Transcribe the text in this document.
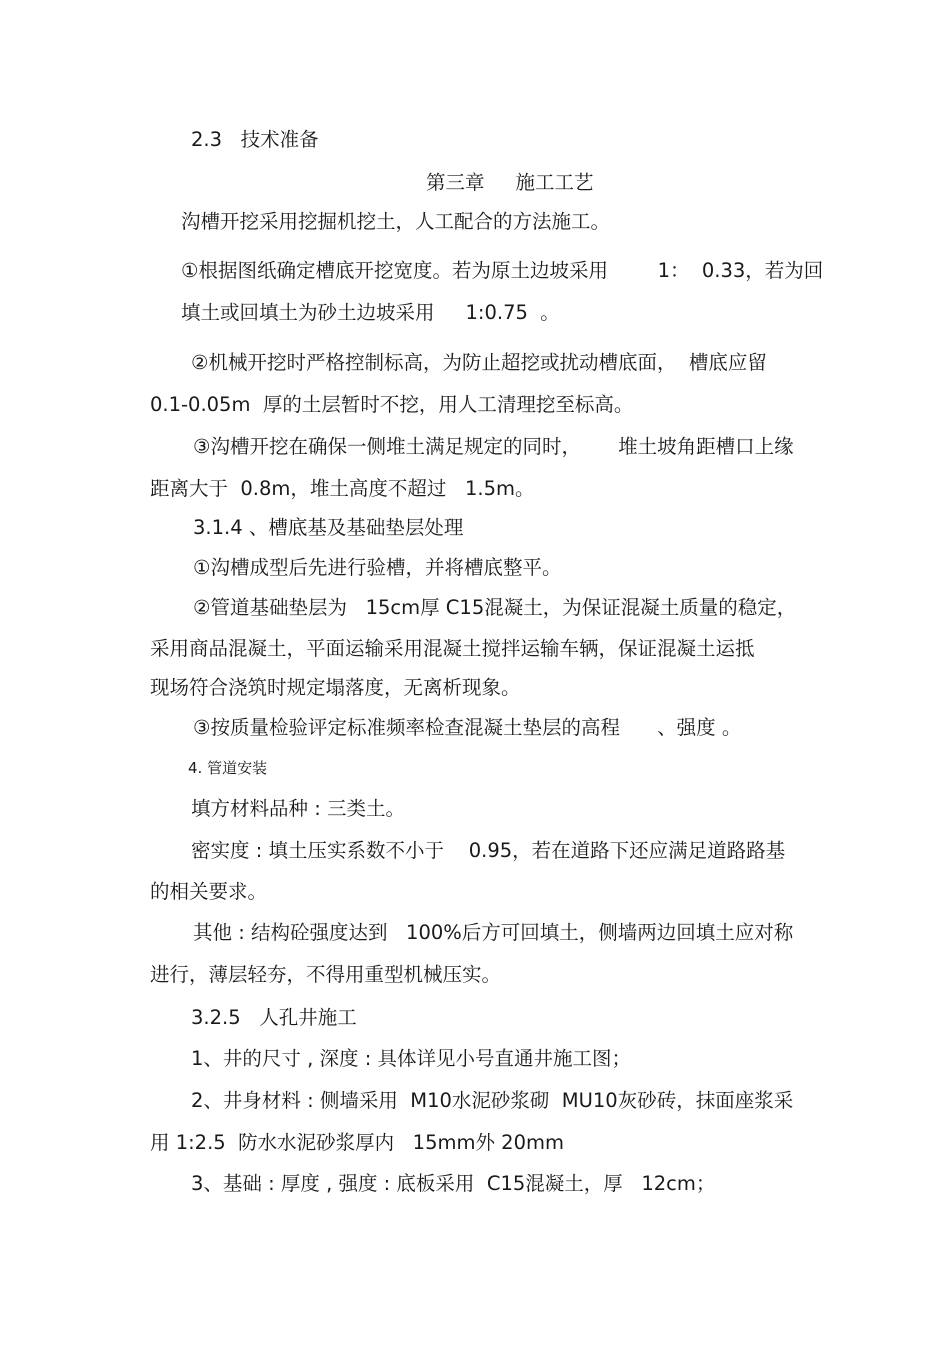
2.3   技术准备

第三章     施工工艺

沟槽开挖采用挖掘机挖土，人工配合的方法施工。

①根据图纸确定槽底开挖宽度。若为原土边坡采用        1：  0.33，若为回

填土或回填土为砂土边坡采用     1:0.75  。

②机械开挖时严格控制标高，为防止超挖或扰动槽底面，  槽底应留

0.1-0.05m  厚的土层暂时不挖，用人工清理挖至标高。

③沟槽开挖在确保一侧堆土满足规定的同时，      堆土坡角距槽口上缘

距离大于  0.8m，堆土高度不超过   1.5m。

3.1.4 、槽底基及基础垫层处理

①沟槽成型后先进行验槽，并将槽底整平。

②管道基础垫层为   15cm厚 C15混凝土，为保证混凝土质量的稳定，

采用商品混凝土，平面运输采用混凝土搅拌运输车辆，保证混凝土运抵

现场符合浇筑时规定塌落度，无离析现象。

③按质量检验评定标准频率检查混凝土垫层的高程      、强度 。

4. 管道安装

填方材料品种 : 三类土。

密实度 : 填土压实系数不小于    0.95，若在道路下还应满足道路路基

的相关要求。

其他 : 结构砼强度达到   100%后方可回填土，侧墙两边回填土应对称

进行，薄层轻夯，不得用重型机械压实。

3.2.5   人孔井施工

1、井的尺寸 , 深度 : 具体详见小号直通井施工图；

2、井身材料 : 侧墙采用  M10水泥砂浆砌  MU10灰砂砖，抹面座浆采

用 1:2.5  防水水泥砂浆厚内   15mm外 20mm

3、基础 : 厚度 , 强度 : 底板采用  C15混凝土，厚   12cm；
